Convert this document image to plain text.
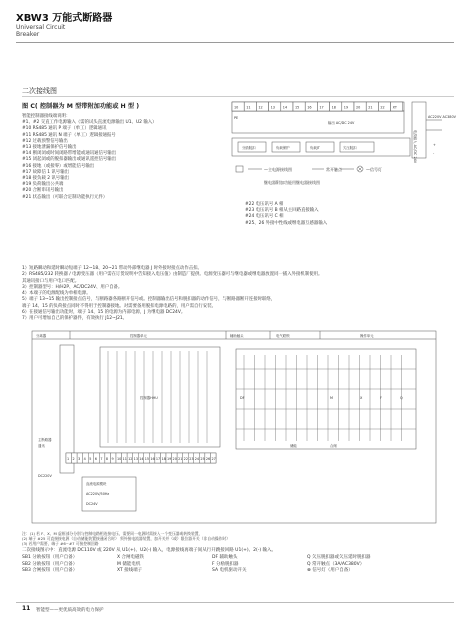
XBW3 万能式断路器
Universal Circuit
Breaker
二次接线图
图 C( 控制器为 M 型带附加功能或 H 型 )
智能控制器接线端说明：
#1、#2 交直工作电源输入（需的试头直流电源输出 U1、U2 输入）
#10 RS485 通讯 P 端子（单工）逻辑通讯
#11 RS485 通讯 N 端子（单工）逻辑接通报号
#12 过载预警信号输出
#13 接地泄漏保护信号输出
#14 断闭闭或时间闭路带增能或通讯通信号输出
#15 闭起闭或的脱扣器输出或通讯遥控信号输出
#16 接地（或接零）或增能信号输出
#17 故障信 1 讯号输出
#18 接负载 2 讯号输出
#19 负荷输出公共端
#20 合断串讯号输出
#21 状态输出（可联合定制功能执行元件）
#22 电压讯号 A 相
#23 电压讯号 B 相从主回路直接输入
#24 电压讯号 C 相
#25、26 外接中性线或继电器互感器输入
10 11 12 13 14 15 16 17 18 19 20 21 22 XT
PE
输出 AC/DC 24V
电源输入 AC/DC 24V
AC220V AC380V
分励脱扣	负载保护	负载JT	欠压脱扣
+
-
—主电源接线图	常开触点	—信号灯
继电器附加功能用继电器接线图
1）短路瞬动和延时瞬动短端子 12~18、20~21 带动外部继电器 J 时外接时接点动作击扣。
2）RS485/232 转换器 / 电源变压器（用户需在订货说明中告知接入电压值）由制造厂提供。电源变压器可与继电器或继电器放置同一插入外接机制使用。
其通讯接口与用户电口匹配。
3）控制器型号：H/H2P、AC/DC24V、用户自备。
4）本端子的电源配线为单相电源。
5）端子 13~15 输出控制接点信号，与断路器各路断开信号或。控制器输出信号和脱扣器的动作信号，与断路器断开连接时联络，
端子 14、15 的负荷接点同时不得用于控制器接地。对需要备用脱扣电源电路的，用户需自行安装。
6）在接通信号输出功能时，端子 14、15 的电源为内部电源，J 为继电器 DC24V。
7）用户可增加自己的保护器件，有效执行 J12~J21。
分离器	控制器单元	辅助触头	电气联锁	操作单元
控制器HHU
主断路器
通讯
DF	M	X	F	Q
储能	合闸
DC220V
直流电源模块
AC220V/50Hz
DC24V
1 2 3 4 5 6 7 8 9 10 11 12 13 14 15 16 17 18 19 20 21 22 23 24 25 26 27
注：(1) 若 F、X、M 虚框部分分别与控制电路相连接电压，需要同一电源时需接入一个变压器或转换装置，
(2) 端子 #25 可直接接电源（自动储能装置接通闭合时） 须外接电流器装置，加开关并（或）限位器开关（非自动操作时）
(3) 若用户需要，端子 #6~#7 可接控制回路
二次接线图示中：直流电源 DC110V 或 220V 从 U1(+)、U2(-) 输入，电源接线再端子间从行开跳接回路 U1(+)、2(-) 输入。
SB1 分励按钮（用户自备）	X 合闸电磁铁	DF 辅助触头	Q 欠压脱扣器或欠压延时脱扣器
SB2 分励按钮（用户自备）	M 储能电机	F 分励脱扣器	Q 常开触点（3A/AC380V）
SB3 合闸按钮（用户自备）	XT 接线端子	SA 电机驱动开关	⊗ 信号灯（用户自备）
11 智能型——更优质高效的电力保护
